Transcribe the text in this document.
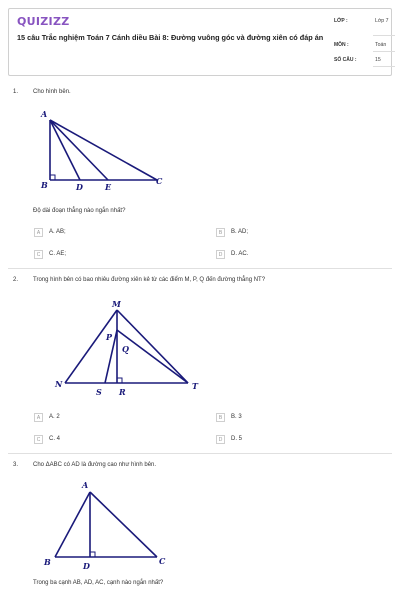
QUIZIZZ
15 câu Trắc nghiệm Toán 7 Cánh diều Bài 8: Đường vuông góc và đường xiên có đáp án
LỚP :	Lớp 7
MÔN :	Toán
SỐ CÂU :	15
1. Cho hình bên.
A
B	D	E
C
Độ dài đoạn thẳng nào ngắn nhất?
A	A. AB;	B	B. AD;
C	C. AE;	D	D. AC.
2. Trong hình bên có bao nhiêu đường xiên kẻ từ các điểm M, P, Q đến đường thẳng NT?
M
P
Q
N
S R
T
A	A. 2	B	B. 3
C	C. 4	D	D. 5
3. Cho ΔABC có AD là đường cao như hình bên.
A
B	D	C
Trong ba cạnh AB, AD, AC, cạnh nào ngắn nhất?
